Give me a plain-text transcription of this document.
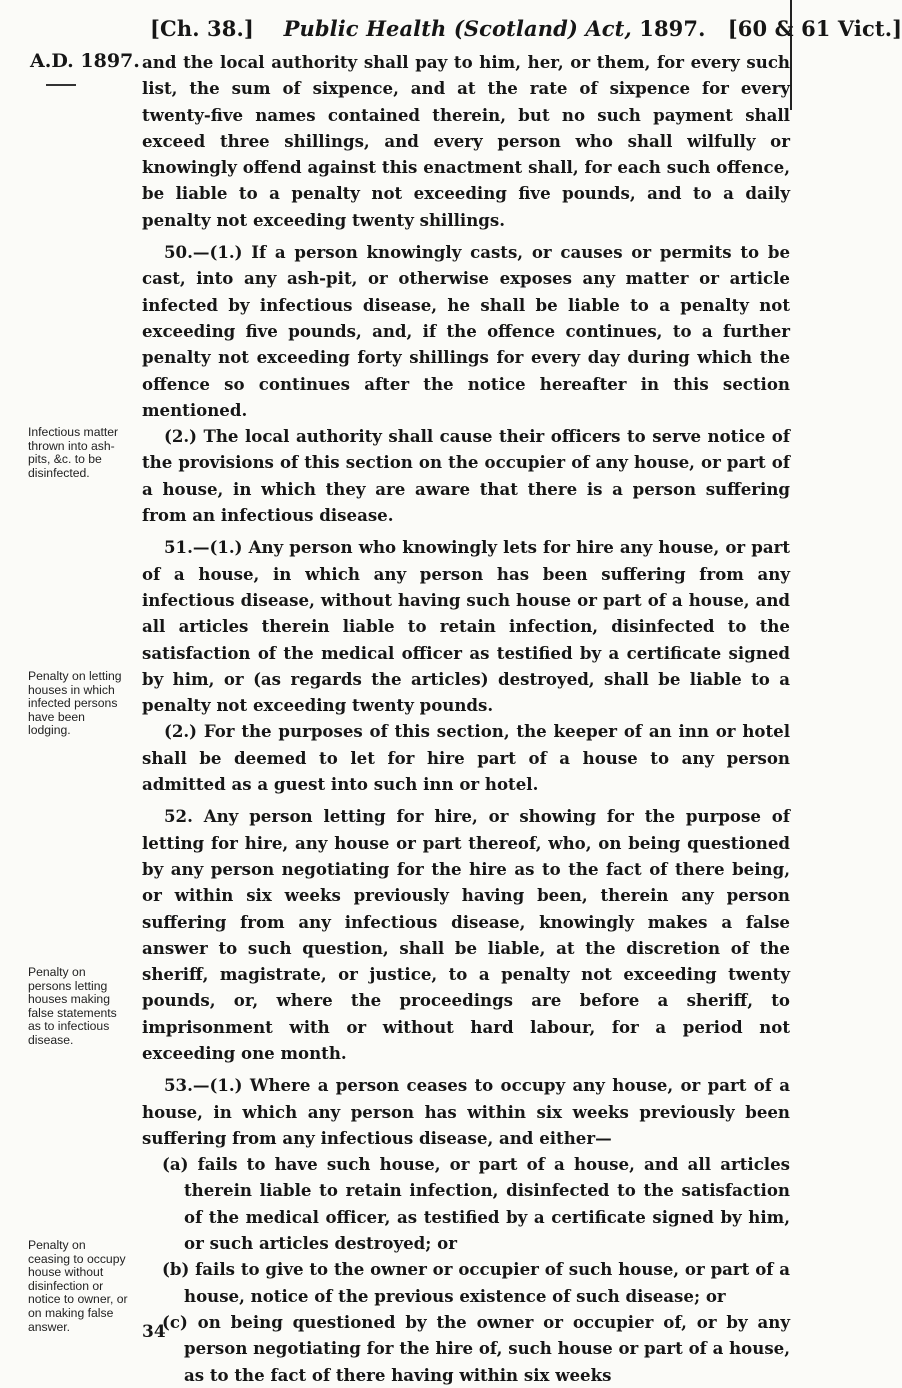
[Ch. 38.] Public Health (Scotland) Act, 1897. [60 & 61 Vict.]
A.D. 1897.
Infectious matter thrown into ash-pits, &c. to be disinfected.
Penalty on letting houses in which infected persons have been lodging.
Penalty on persons letting houses making false statements as to infectious disease.
Penalty on ceasing to occupy house without disinfection or notice to owner, or on making false answer.

and the local authority shall pay to him, her, or them, for every such list, the sum of sixpence, and at the rate of sixpence for every twenty-five names contained therein, but no such payment shall exceed three shillings, and every person who shall wilfully or knowingly offend against this enactment shall, for each such offence, be liable to a penalty not exceeding five pounds, and to a daily penalty not exceeding twenty shillings.

50.—(1.) If a person knowingly casts, or causes or permits to be cast, into any ash-pit, or otherwise exposes any matter or article infected by infectious disease, he shall be liable to a penalty not exceeding five pounds, and, if the offence continues, to a further penalty not exceeding forty shillings for every day during which the offence so continues after the notice hereafter in this section mentioned.

(2.) The local authority shall cause their officers to serve notice of the provisions of this section on the occupier of any house, or part of a house, in which they are aware that there is a person suffering from an infectious disease.

51.—(1.) Any person who knowingly lets for hire any house, or part of a house, in which any person has been suffering from any infectious disease, without having such house or part of a house, and all articles therein liable to retain infection, disinfected to the satisfaction of the medical officer as testified by a certificate signed by him, or (as regards the articles) destroyed, shall be liable to a penalty not exceeding twenty pounds.

(2.) For the purposes of this section, the keeper of an inn or hotel shall be deemed to let for hire part of a house to any person admitted as a guest into such inn or hotel.

52. Any person letting for hire, or showing for the purpose of letting for hire, any house or part thereof, who, on being questioned by any person negotiating for the hire as to the fact of there being, or within six weeks previously having been, therein any person suffering from any infectious disease, knowingly makes a false answer to such question, shall be liable, at the discretion of the sheriff, magistrate, or justice, to a penalty not exceeding twenty pounds, or, where the proceedings are before a sheriff, to imprisonment with or without hard labour, for a period not exceeding one month.

53.—(1.) Where a person ceases to occupy any house, or part of a house, in which any person has within six weeks previously been suffering from any infectious disease, and either—

(a) fails to have such house, or part of a house, and all articles therein liable to retain infection, disinfected to the satisfaction of the medical officer, as testified by a certificate signed by him, or such articles destroyed; or

(b) fails to give to the owner or occupier of such house, or part of a house, notice of the previous existence of such disease; or

(c) on being questioned by the owner or occupier of, or by any person negotiating for the hire of, such house or part of a house, as to the fact of there having within six weeks

34
